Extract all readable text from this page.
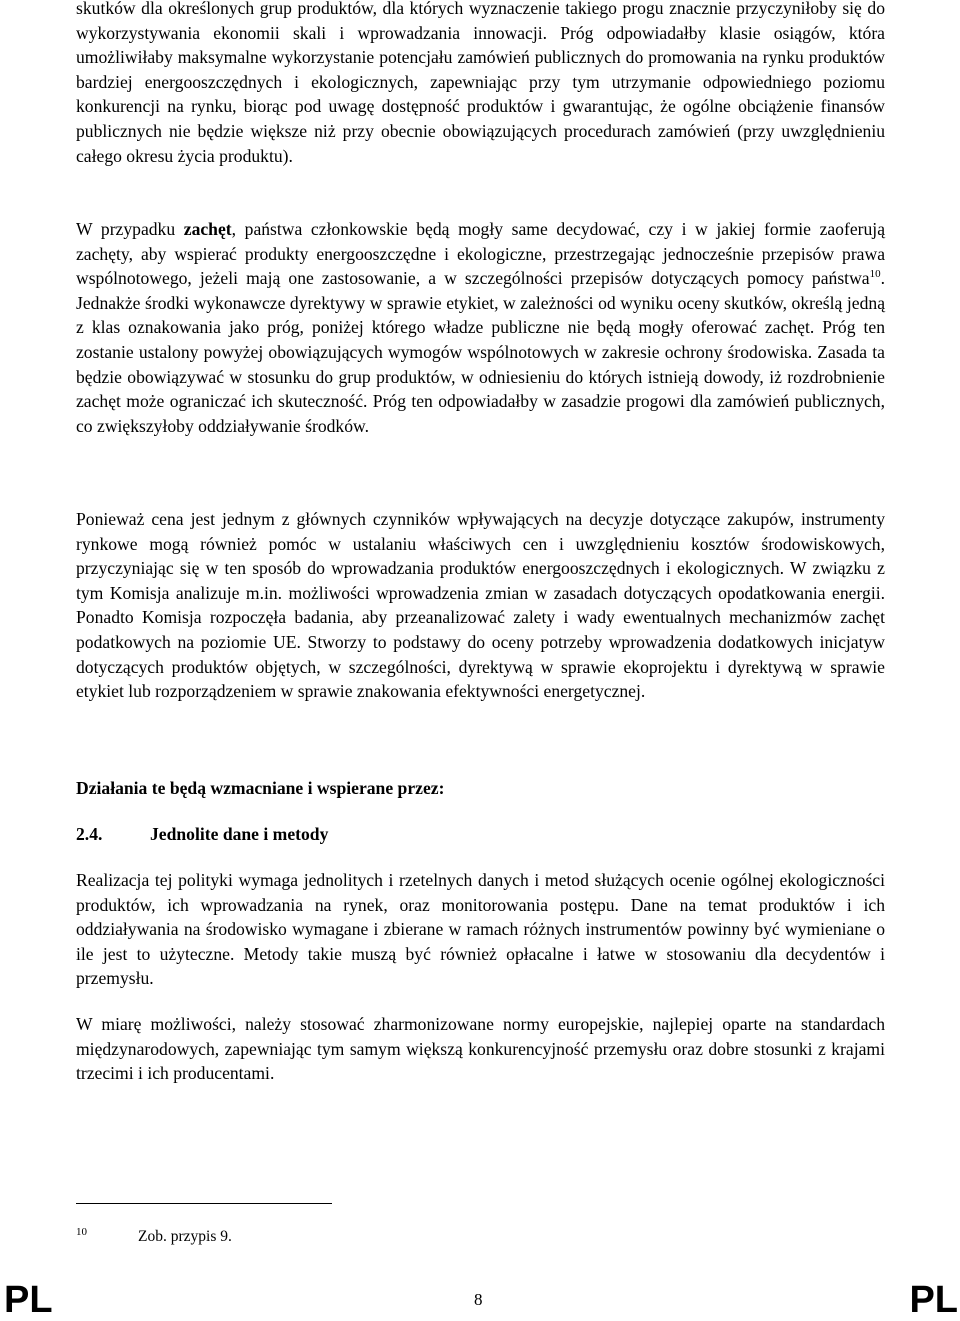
skutków dla określonych grup produktów, dla których wyznaczenie takiego progu znacznie przyczyniłoby się do wykorzystywania ekonomii skali i wprowadzania innowacji. Próg odpowiadałby klasie osiągów, która umożliwiłaby maksymalne wykorzystanie potencjału zamówień publicznych do promowania na rynku produktów bardziej energooszczędnych i ekologicznych, zapewniając przy tym utrzymanie odpowiedniego poziomu konkurencji na rynku, biorąc pod uwagę dostępność produktów i gwarantując, że ogólne obciążenie finansów publicznych nie będzie większe niż przy obecnie obowiązujących procedurach zamówień (przy uwzględnieniu całego okresu życia produktu).

W przypadku zachęt, państwa członkowskie będą mogły same decydować, czy i w jakiej formie zaoferują zachęty, aby wspierać produkty energooszczędne i ekologiczne, przestrzegając jednocześnie przepisów prawa wspólnotowego, jeżeli mają one zastosowanie, a w szczególności przepisów dotyczących pomocy państwa$^{10}$. Jednakże środki wykonawcze dyrektywy w sprawie etykiet, w zależności od wyniku oceny skutków, określą jedną z klas oznakowania jako próg, poniżej którego władze publiczne nie będą mogły oferować zachęt. Próg ten zostanie ustalony powyżej obowiązujących wymogów wspólnotowych w zakresie ochrony środowiska. Zasada ta będzie obowiązywać w stosunku do grup produktów, w odniesieniu do których istnieją dowody, iż rozdrobnienie zachęt może ograniczać ich skuteczność. Próg ten odpowiadałby w zasadzie progowi dla zamówień publicznych, co zwiększyłoby oddziaływanie środków.

Ponieważ cena jest jednym z głównych czynników wpływających na decyzje dotyczące zakupów, instrumenty rynkowe mogą również pomóc w ustalaniu właściwych cen i uwzględnieniu kosztów środowiskowych, przyczyniając się w ten sposób do wprowadzania produktów energooszczędnych i ekologicznych. W związku z tym Komisja analizuje m.in. możliwości wprowadzenia zmian w zasadach dotyczących opodatkowania energii. Ponadto Komisja rozpoczęła badania, aby przeanalizować zalety i wady ewentualnych mechanizmów zachęt podatkowych na poziomie UE. Stworzy to podstawy do oceny potrzeby wprowadzenia dodatkowych inicjatyw dotyczących produktów objętych, w szczególności, dyrektywą w sprawie ekoprojektu i dyrektywą w sprawie etykiet lub rozporządzeniem w sprawie znakowania efektywności energetycznej.

Działania te będą wzmacniane i wspierane przez:

2.4.	Jednolite dane i metody

Realizacja tej polityki wymaga jednolitych i rzetelnych danych i metod służących ocenie ogólnej ekologiczności produktów, ich wprowadzania na rynek, oraz monitorowania postępu. Dane na temat produktów i ich oddziaływania na środowisko wymagane i zbierane w ramach różnych instrumentów powinny być wymieniane o ile jest to użyteczne. Metody takie muszą być również opłacalne i łatwe w stosowaniu dla decydentów i przemysłu.

W miarę możliwości, należy stosować zharmonizowane normy europejskie, najlepiej oparte na standardach międzynarodowych, zapewniając tym samym większą konkurencyjność przemysłu oraz dobre stosunki z krajami trzecimi i ich producentami.

10	Zob. przypis 9.
PL	8	PL
